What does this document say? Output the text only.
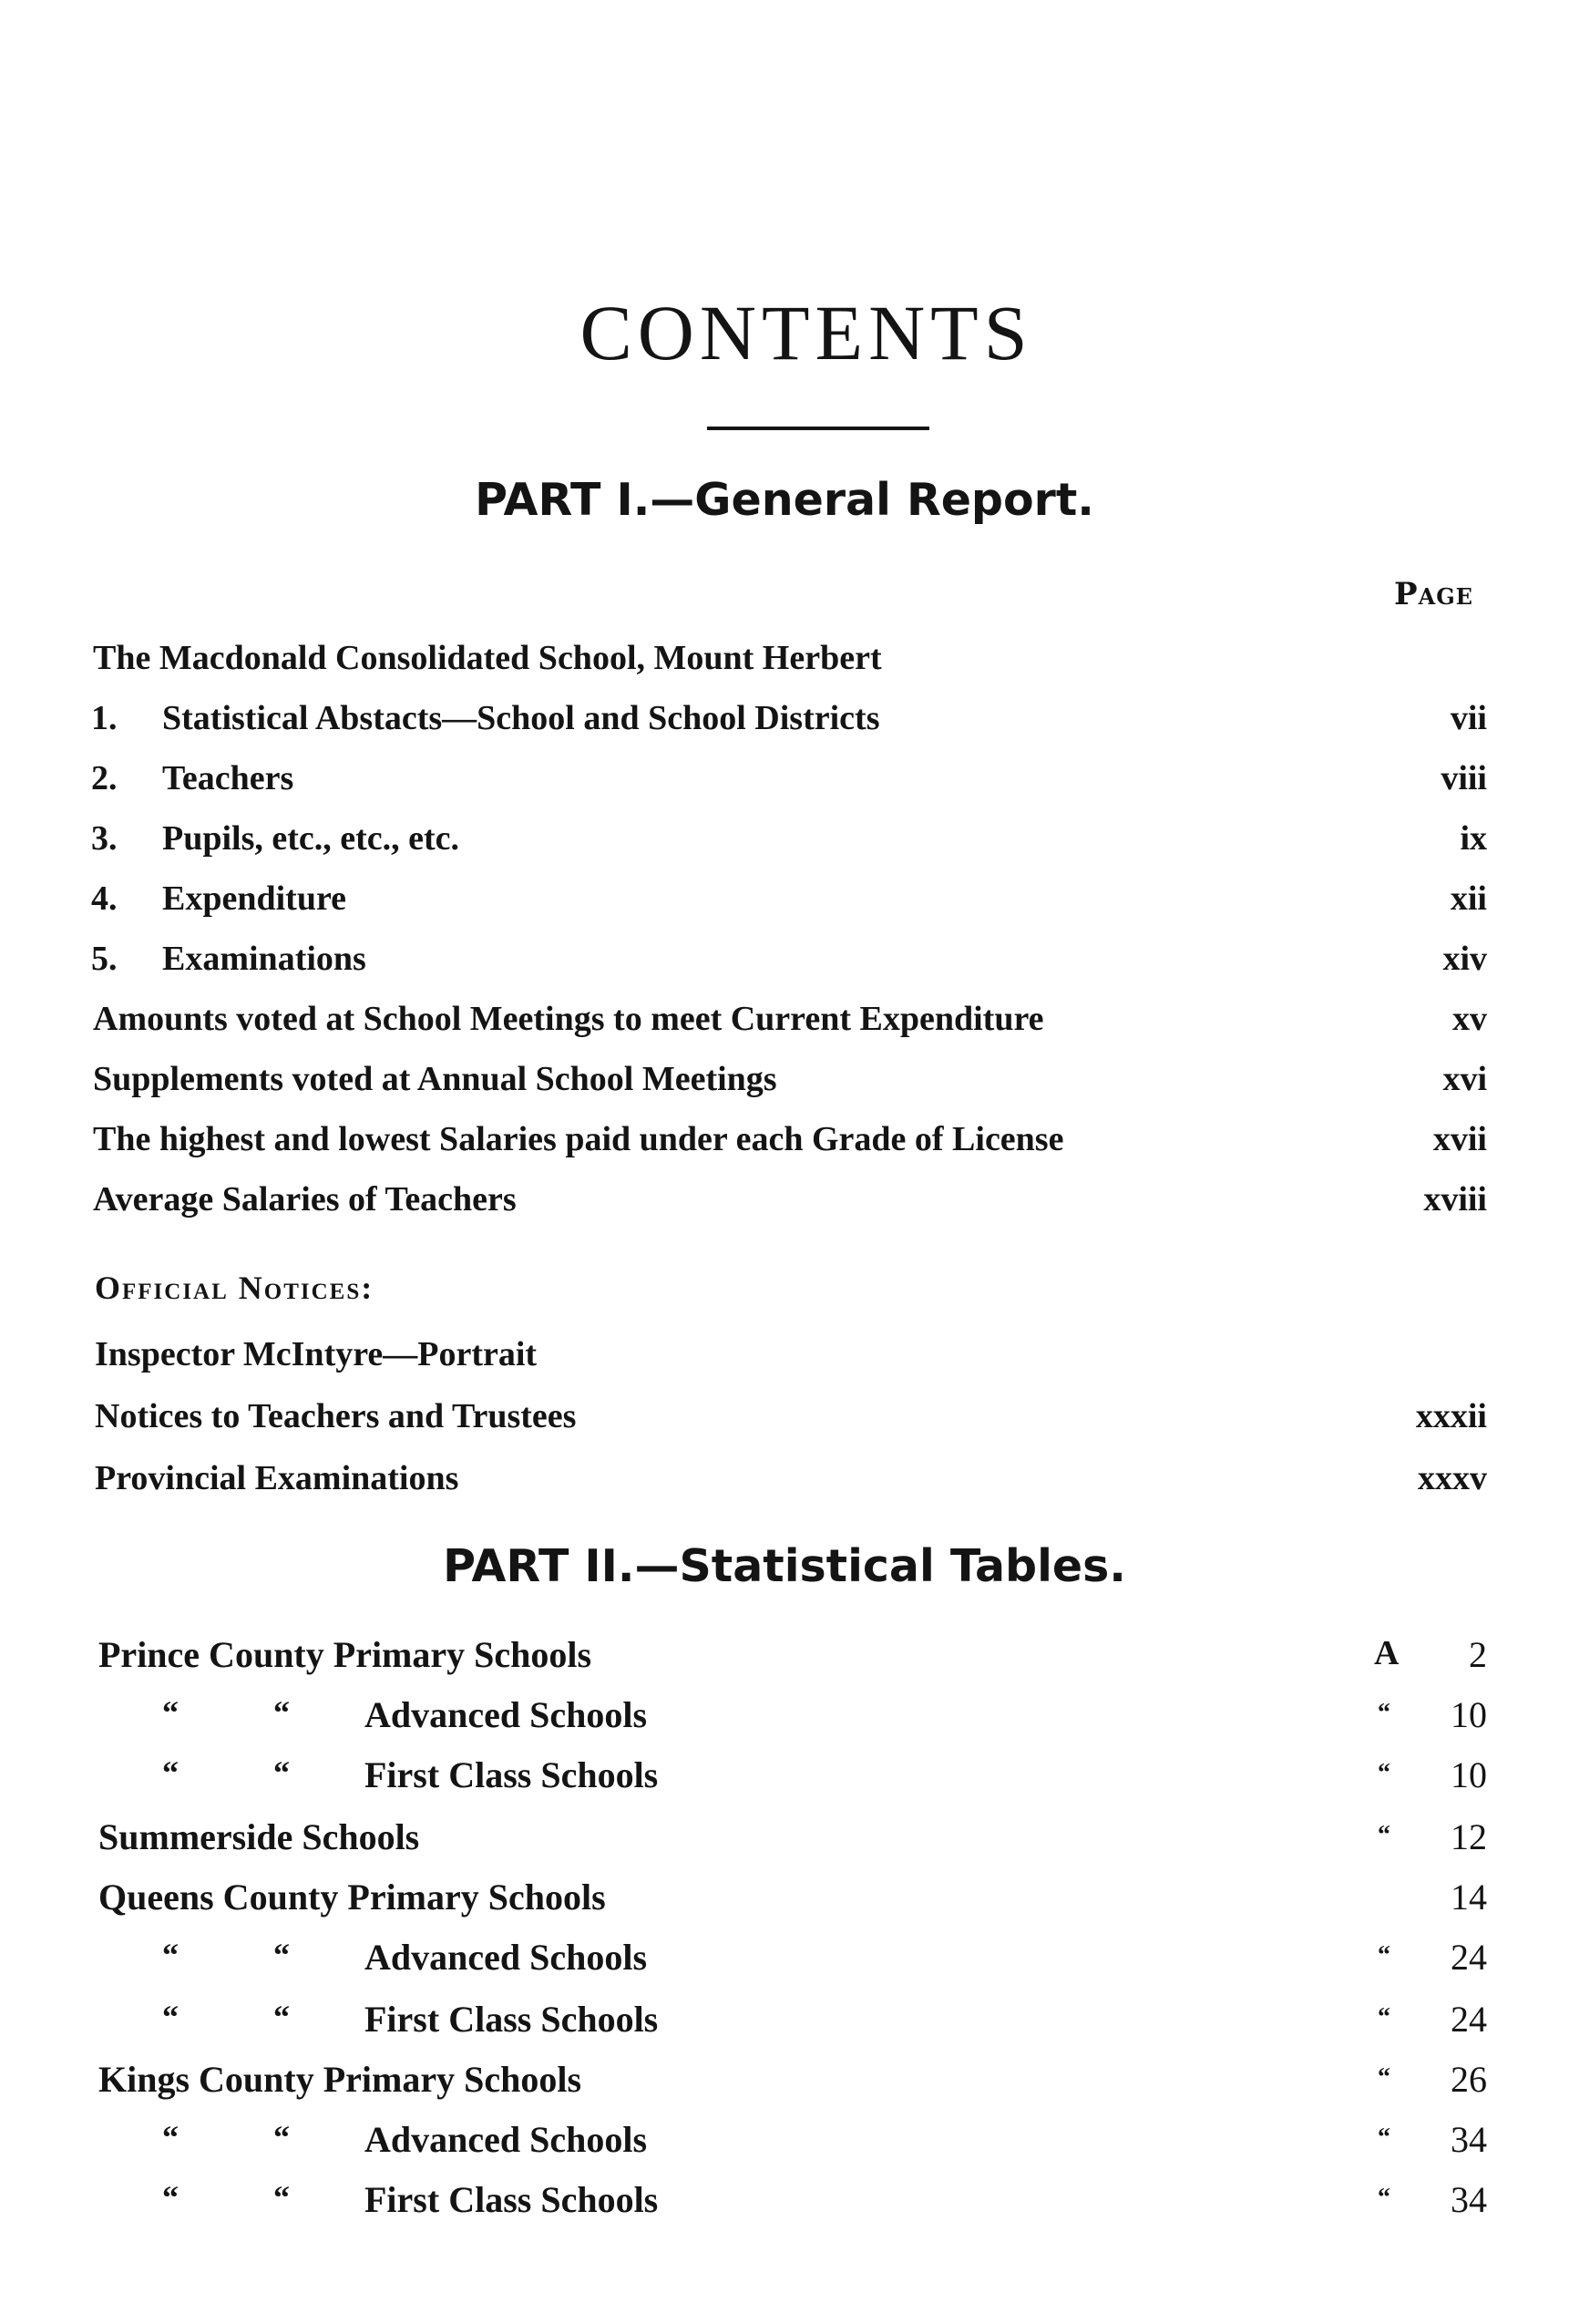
CONTENTS
PART I.—General Report.
Page
The Macdonald Consolidated School, Mount Herbert
1. Statistical Abstacts—School and School Districts	vii
2. Teachers	viii
3. Pupils, etc., etc., etc.	ix
4. Expenditure	xii
5. Examinations	xiv
Amounts voted at School Meetings to meet Current Expenditure	xv
Supplements voted at Annual School Meetings	xvi
The highest and lowest Salaries paid under each Grade of License	xvii
Average Salaries of Teachers	xviii
Official Notices:
Inspector McIntyre—Portrait
Notices to Teachers and Trustees	xxxii
Provincial Examinations	xxxv
PART II.—Statistical Tables.
Prince County Primary Schools	A 2
“	“ Advanced Schools	“ 10
“	“ First Class Schools	“ 10
Summerside Schools	“ 12
Queens County Primary Schools	14
“	“ Advanced Schools	“ 24
“	“ First Class Schools	“ 24
Kings County Primary Schools	“ 26
“	“ Advanced Schools	“ 34
“	“ First Class Schools	“ 34
